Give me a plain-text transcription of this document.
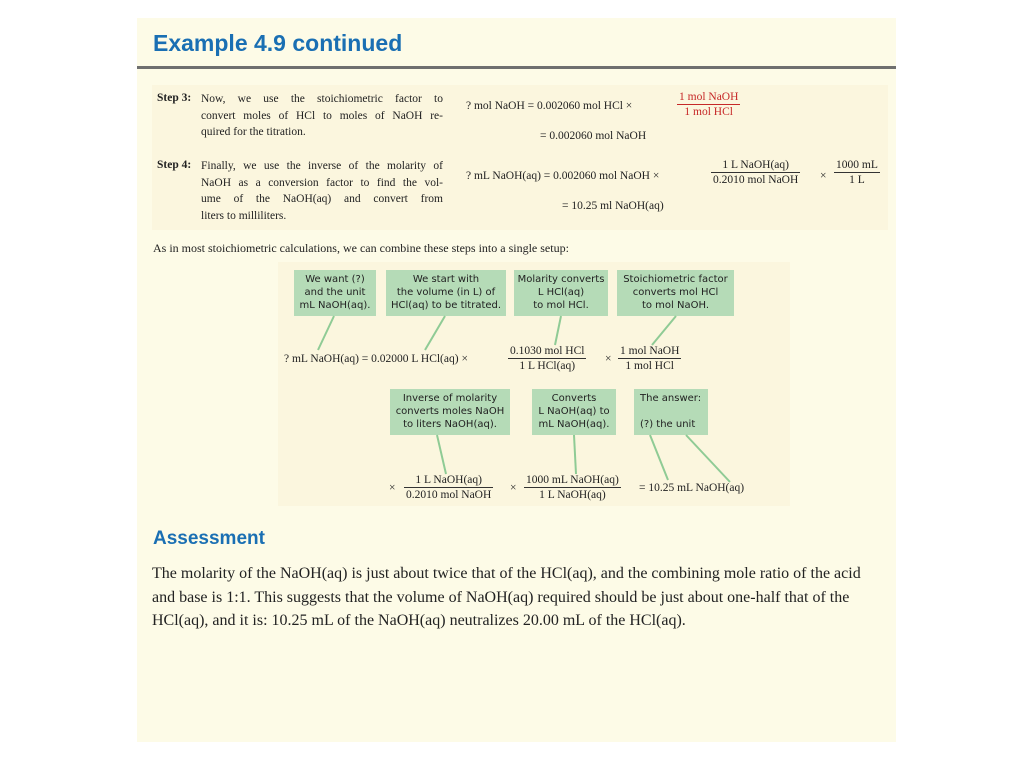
Example 4.9 continued
Step 3: Now, we use the stoichiometric factor to
convert moles of HCl to moles of NaOH re-
quired for the titration.
? mol NaOH = 0.002060 mol HCl ×
1 mol NaOH
1 mol HCl
= 0.002060 mol NaOH
Step 4: Finally, we use the inverse of the molarity of
NaOH as a conversion factor to find the vol-
ume of the NaOH(aq) and convert from
liters to milliliters.
? mL NaOH(aq) = 0.002060 mol NaOH ×
1 L NaOH(aq)
0.2010 mol NaOH × $\frac{1000 mL}{1 L}$
= 10.25 ml NaOH(aq)
As in most stoichiometric calculations, we can combine these steps into a single setup:
We want (?)
and the unit
mL NaOH(aq).
We start with
the volume (in L) of
HCl(aq) to be titrated.
Molarity converts
L HCl(aq)
to mol HCl.
Stoichiometric factor
converts mol HCl
to mol NaOH.
? mL NaOH(aq) = 0.02000 L HCl(aq) ×
0.1030 mol HCl
1 L HCl(aq)
×
1 mol NaOH
1 mol HCl
Inverse of molarity
converts moles NaOH
to liters NaOH(aq).
Converts
L NaOH(aq) to
mL NaOH(aq).
The answer:
(?) the unit
×
1 L NaOH(aq)
0.2010 mol NaOH
×
1000 mL NaOH(aq)
1 L NaOH(aq)
= 10.25 mL NaOH(aq)
Assessment
The molarity of the NaOH(aq) is just about twice that of the HCl(aq), and the combining mole ratio of the acid and base is 1:1. This suggests that the volume of NaOH(aq) required should be just about one-half that of the HCl(aq), and it is: 10.25 mL of the NaOH(aq) neutralizes 20.00 mL of the HCl(aq).
